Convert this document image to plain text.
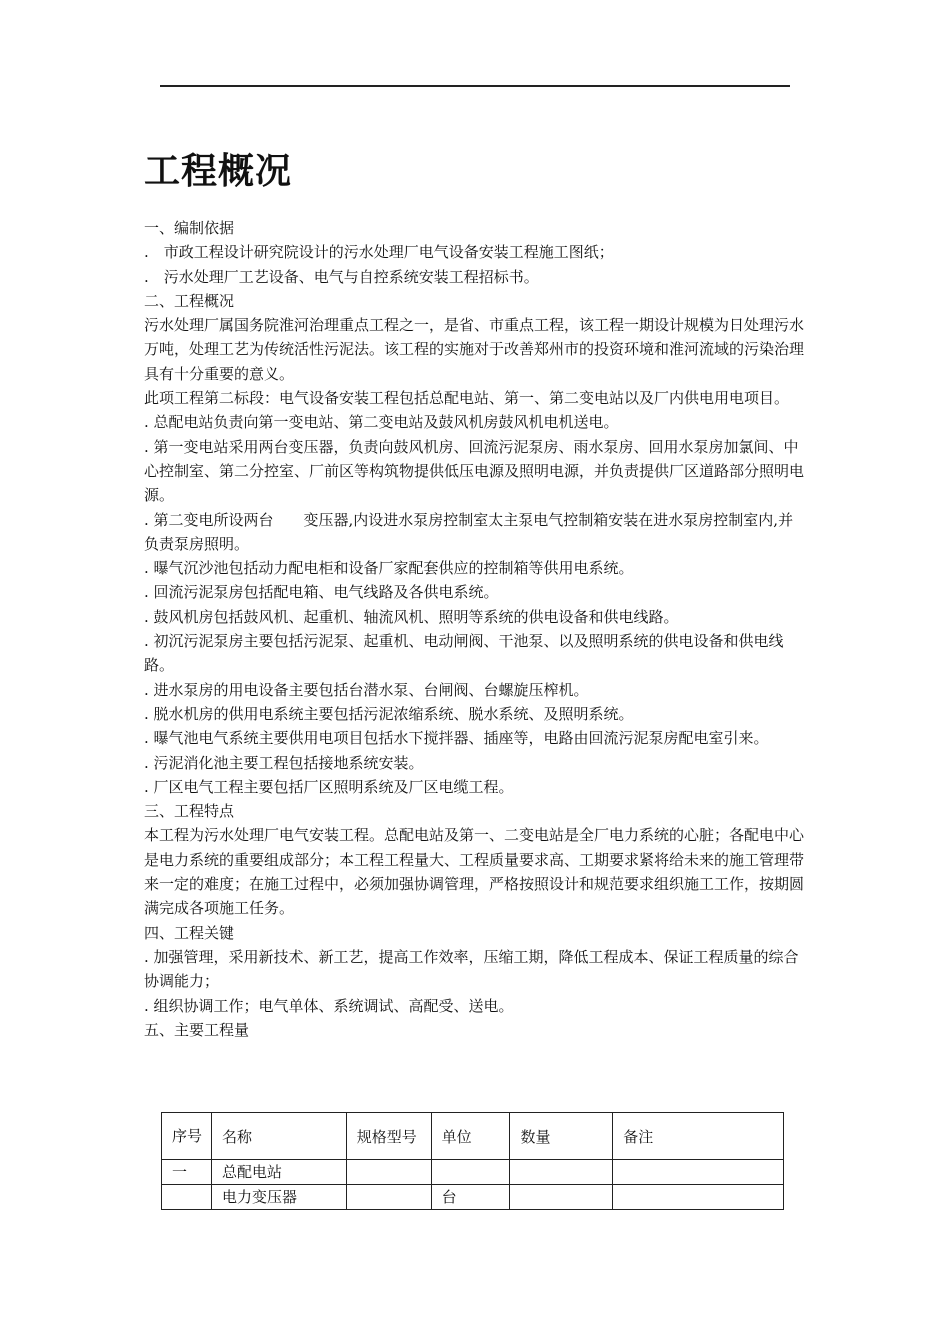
工程概况

一、编制依据

.　市政工程设计研究院设计的污水处理厂电气设备安装工程施工图纸；

.　污水处理厂工艺设备、电气与自控系统安装工程招标书。

二、工程概况

污水处理厂属国务院淮河治理重点工程之一，是省、市重点工程，该工程一期设计规模为日处理污水万吨，处理工艺为传统活性污泥法。该工程的实施对于改善郑州市的投资环境和淮河流域的污染治理具有十分重要的意义。

此项工程第二标段：电气设备安装工程包括总配电站、第一、第二变电站以及厂内供电用电项目。

. 总配电站负责向第一变电站、第二变电站及鼓风机房鼓风机电机送电。

. 第一变电站采用两台变压器，负责向鼓风机房、回流污泥泵房、雨水泵房、回用水泵房加氯间、中心控制室、第二分控室、厂前区等构筑物提供低压电源及照明电源，并负责提供厂区道路部分照明电源。

. 第二变电所设两台　　变压器,内设进水泵房控制室太主泵电气控制箱安装在进水泵房控制室内,并负责泵房照明。

. 曝气沉沙池包括动力配电柜和设备厂家配套供应的控制箱等供用电系统。

. 回流污泥泵房包括配电箱、电气线路及各供电系统。

. 鼓风机房包括鼓风机、起重机、轴流风机、照明等系统的供电设备和供电线路。

. 初沉污泥泵房主要包括污泥泵、起重机、电动闸阀、干池泵、以及照明系统的供电设备和供电线路。

. 进水泵房的用电设备主要包括台潜水泵、台闸阀、台螺旋压榨机。

. 脱水机房的供用电系统主要包括污泥浓缩系统、脱水系统、及照明系统。

. 曝气池电气系统主要供用电项目包括水下搅拌器、插座等，电路由回流污泥泵房配电室引来。

. 污泥消化池主要工程包括接地系统安装。

. 厂区电气工程主要包括厂区照明系统及厂区电缆工程。

三、工程特点

本工程为污水处理厂电气安装工程。总配电站及第一、二变电站是全厂电力系统的心脏；各配电中心是电力系统的重要组成部分；本工程工程量大、工程质量要求高、工期要求紧将给未来的施工管理带来一定的难度；在施工过程中，必须加强协调管理，严格按照设计和规范要求组织施工工作，按期圆 满完成各项施工任务。

四、工程关键

. 加强管理，采用新技术、新工艺，提高工作效率，压缩工期，降低工程成本、保证工程质量的综合协调能力；

. 组织协调工作；电气单体、系统调试、高配受、送电。

五、主要工程量

序号	名称	规格型号	单位	数量	备注
一	总配电站				
	电力变压器		台		
